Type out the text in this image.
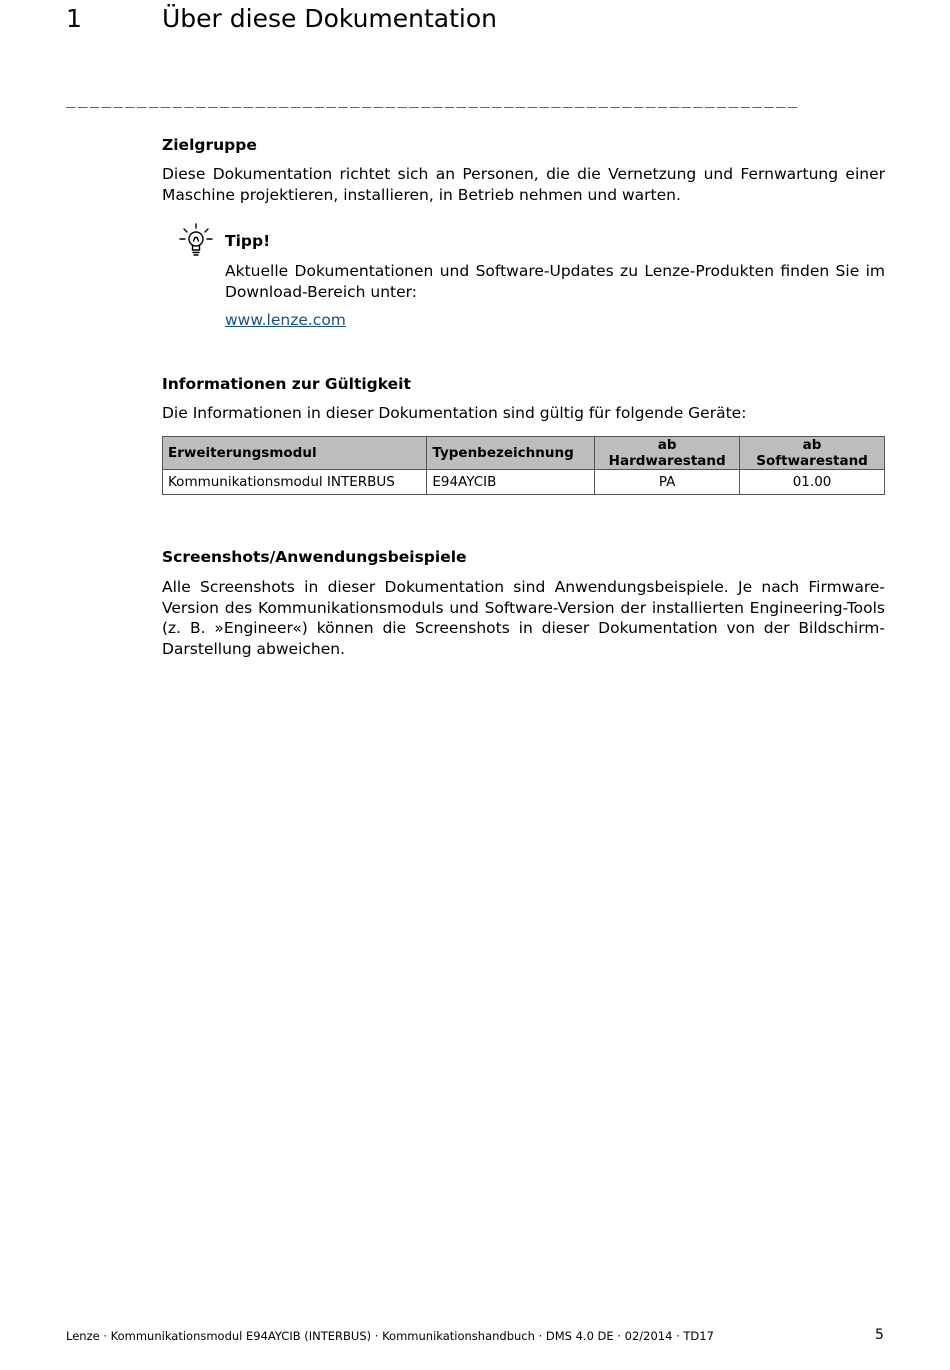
1	Über diese Dokumentation
______________________________________________________________
Zielgruppe
Diese Dokumentation richtet sich an Personen, die die Vernetzung und Fernwartung einer Maschine projektieren, installieren, in Betrieb nehmen und warten.
Tipp!
Aktuelle Dokumentationen und Software-Updates zu Lenze-Produkten finden Sie im Download-Bereich unter:
www.lenze.com
Informationen zur Gültigkeit
Die Informationen in dieser Dokumentation sind gültig für folgende Geräte:
Erweiterungsmodul	Typenbezeichnung	ab Hardwarestand	ab Softwarestand
Kommunikationsmodul INTERBUS	E94AYCIB	PA	01.00
Screenshots/Anwendungsbeispiele
Alle Screenshots in dieser Dokumentation sind Anwendungsbeispiele. Je nach Firmware-Version des Kommunikationsmoduls und Software-Version der installierten Engineering-Tools (z. B. »Engineer«) können die Screenshots in dieser Dokumentation von der Bildschirm-Darstellung abweichen.
Lenze · Kommunikationsmodul E94AYCIB (INTERBUS) · Kommunikationshandbuch · DMS 4.0 DE · 02/2014 · TD17	5
